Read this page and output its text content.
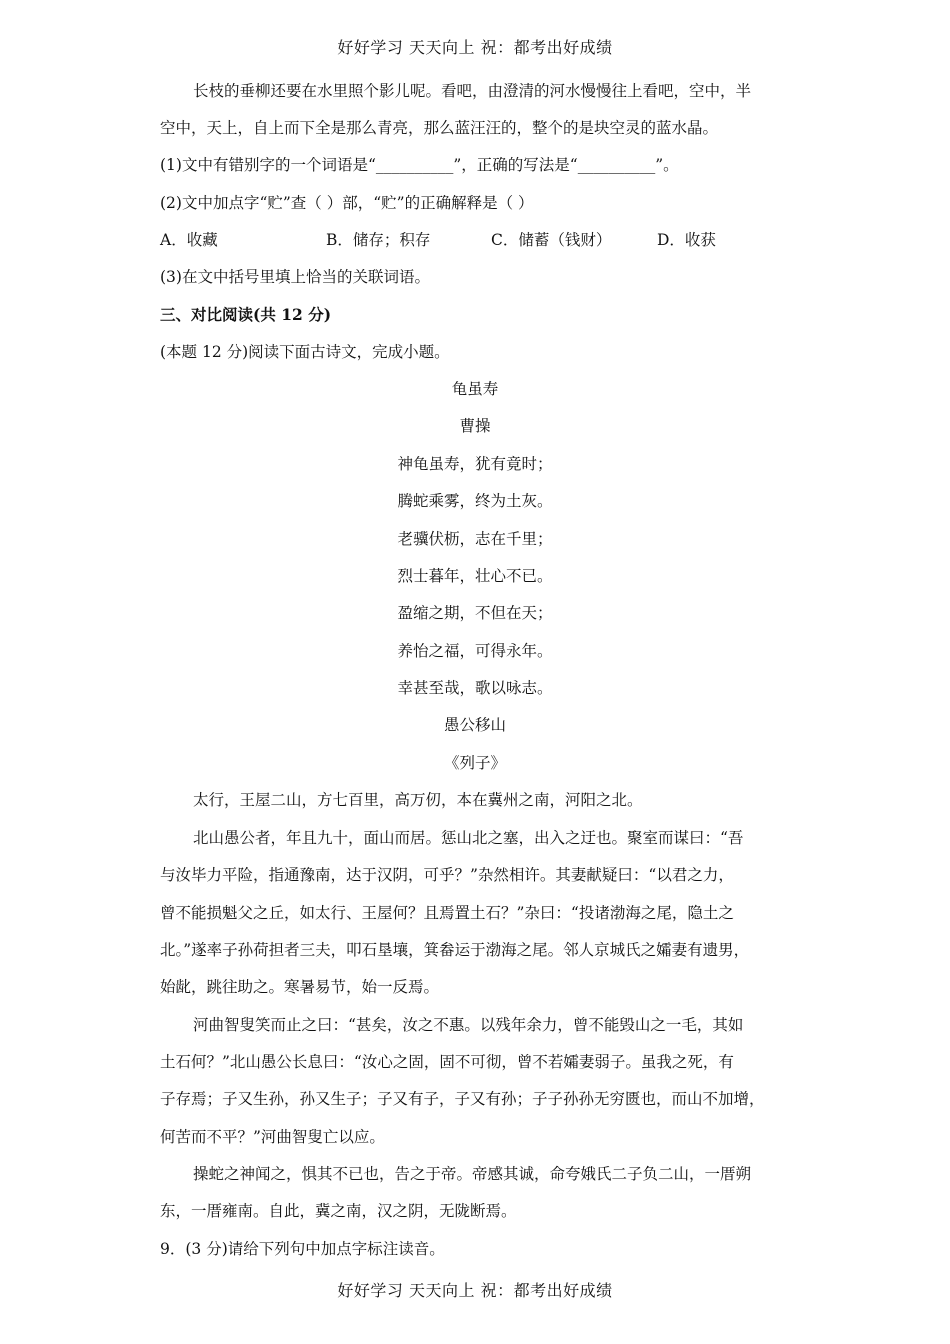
好好学习 天天向上 祝：都考出好成绩
长枝的垂柳还要在水里照个影儿呢。看吧，由澄清的河水慢慢往上看吧，空中，半
空中，天上，自上而下全是那么青亮，那么蓝汪汪的，整个的是块空灵的蓝水晶。
(1)文中有错别字的一个词语是“__________”，正确的写法是“__________”。
(2)文中加点字“贮”查（ ）部，“贮”的正确解释是（ ）
A．收藏	B．储存；积存	C．储蓄（钱财）	D．收获
(3)在文中括号里填上恰当的关联词语。
三、对比阅读(共 12 分)
(本题 12 分)阅读下面古诗文，完成小题。
龟虽寿
曹操
神龟虽寿，犹有竟时；
腾蛇乘雾，终为土灰。
老骥伏枥，志在千里；
烈士暮年，壮心不已。
盈缩之期，不但在天；
养怡之福，可得永年。
幸甚至哉，歌以咏志。
愚公移山
《列子》
太行，王屋二山，方七百里，高万仞，本在冀州之南，河阳之北。
北山愚公者，年且九十，面山而居。惩山北之塞，出入之迂也。聚室而谋曰：“吾
与汝毕力平险，指通豫南，达于汉阴，可乎？”杂然相许。其妻献疑曰：“以君之力，
曾不能损魁父之丘，如太行、王屋何？且焉置土石？”杂曰：“投诸渤海之尾，隐土之
北。”遂率子孙荷担者三夫，叩石垦壤，箕畚运于渤海之尾。邻人京城氏之孀妻有遗男，
始龀，跳往助之。寒暑易节，始一反焉。
河曲智叟笑而止之曰：“甚矣，汝之不惠。以残年余力，曾不能毁山之一毛，其如
土石何？”北山愚公长息曰：“汝心之固，固不可彻，曾不若孀妻弱子。虽我之死，有
子存焉；子又生孙，孙又生子；子又有子，子又有孙；子子孙孙无穷匮也，而山不加增，
何苦而不平？”河曲智叟亡以应。
操蛇之神闻之，惧其不已也，告之于帝。帝感其诚，命夸娥氏二子负二山，一厝朔
东，一厝雍南。自此，冀之南，汉之阴，无陇断焉。
9．(3 分)请给下列句中加点字标注读音。
好好学习 天天向上 祝：都考出好成绩
